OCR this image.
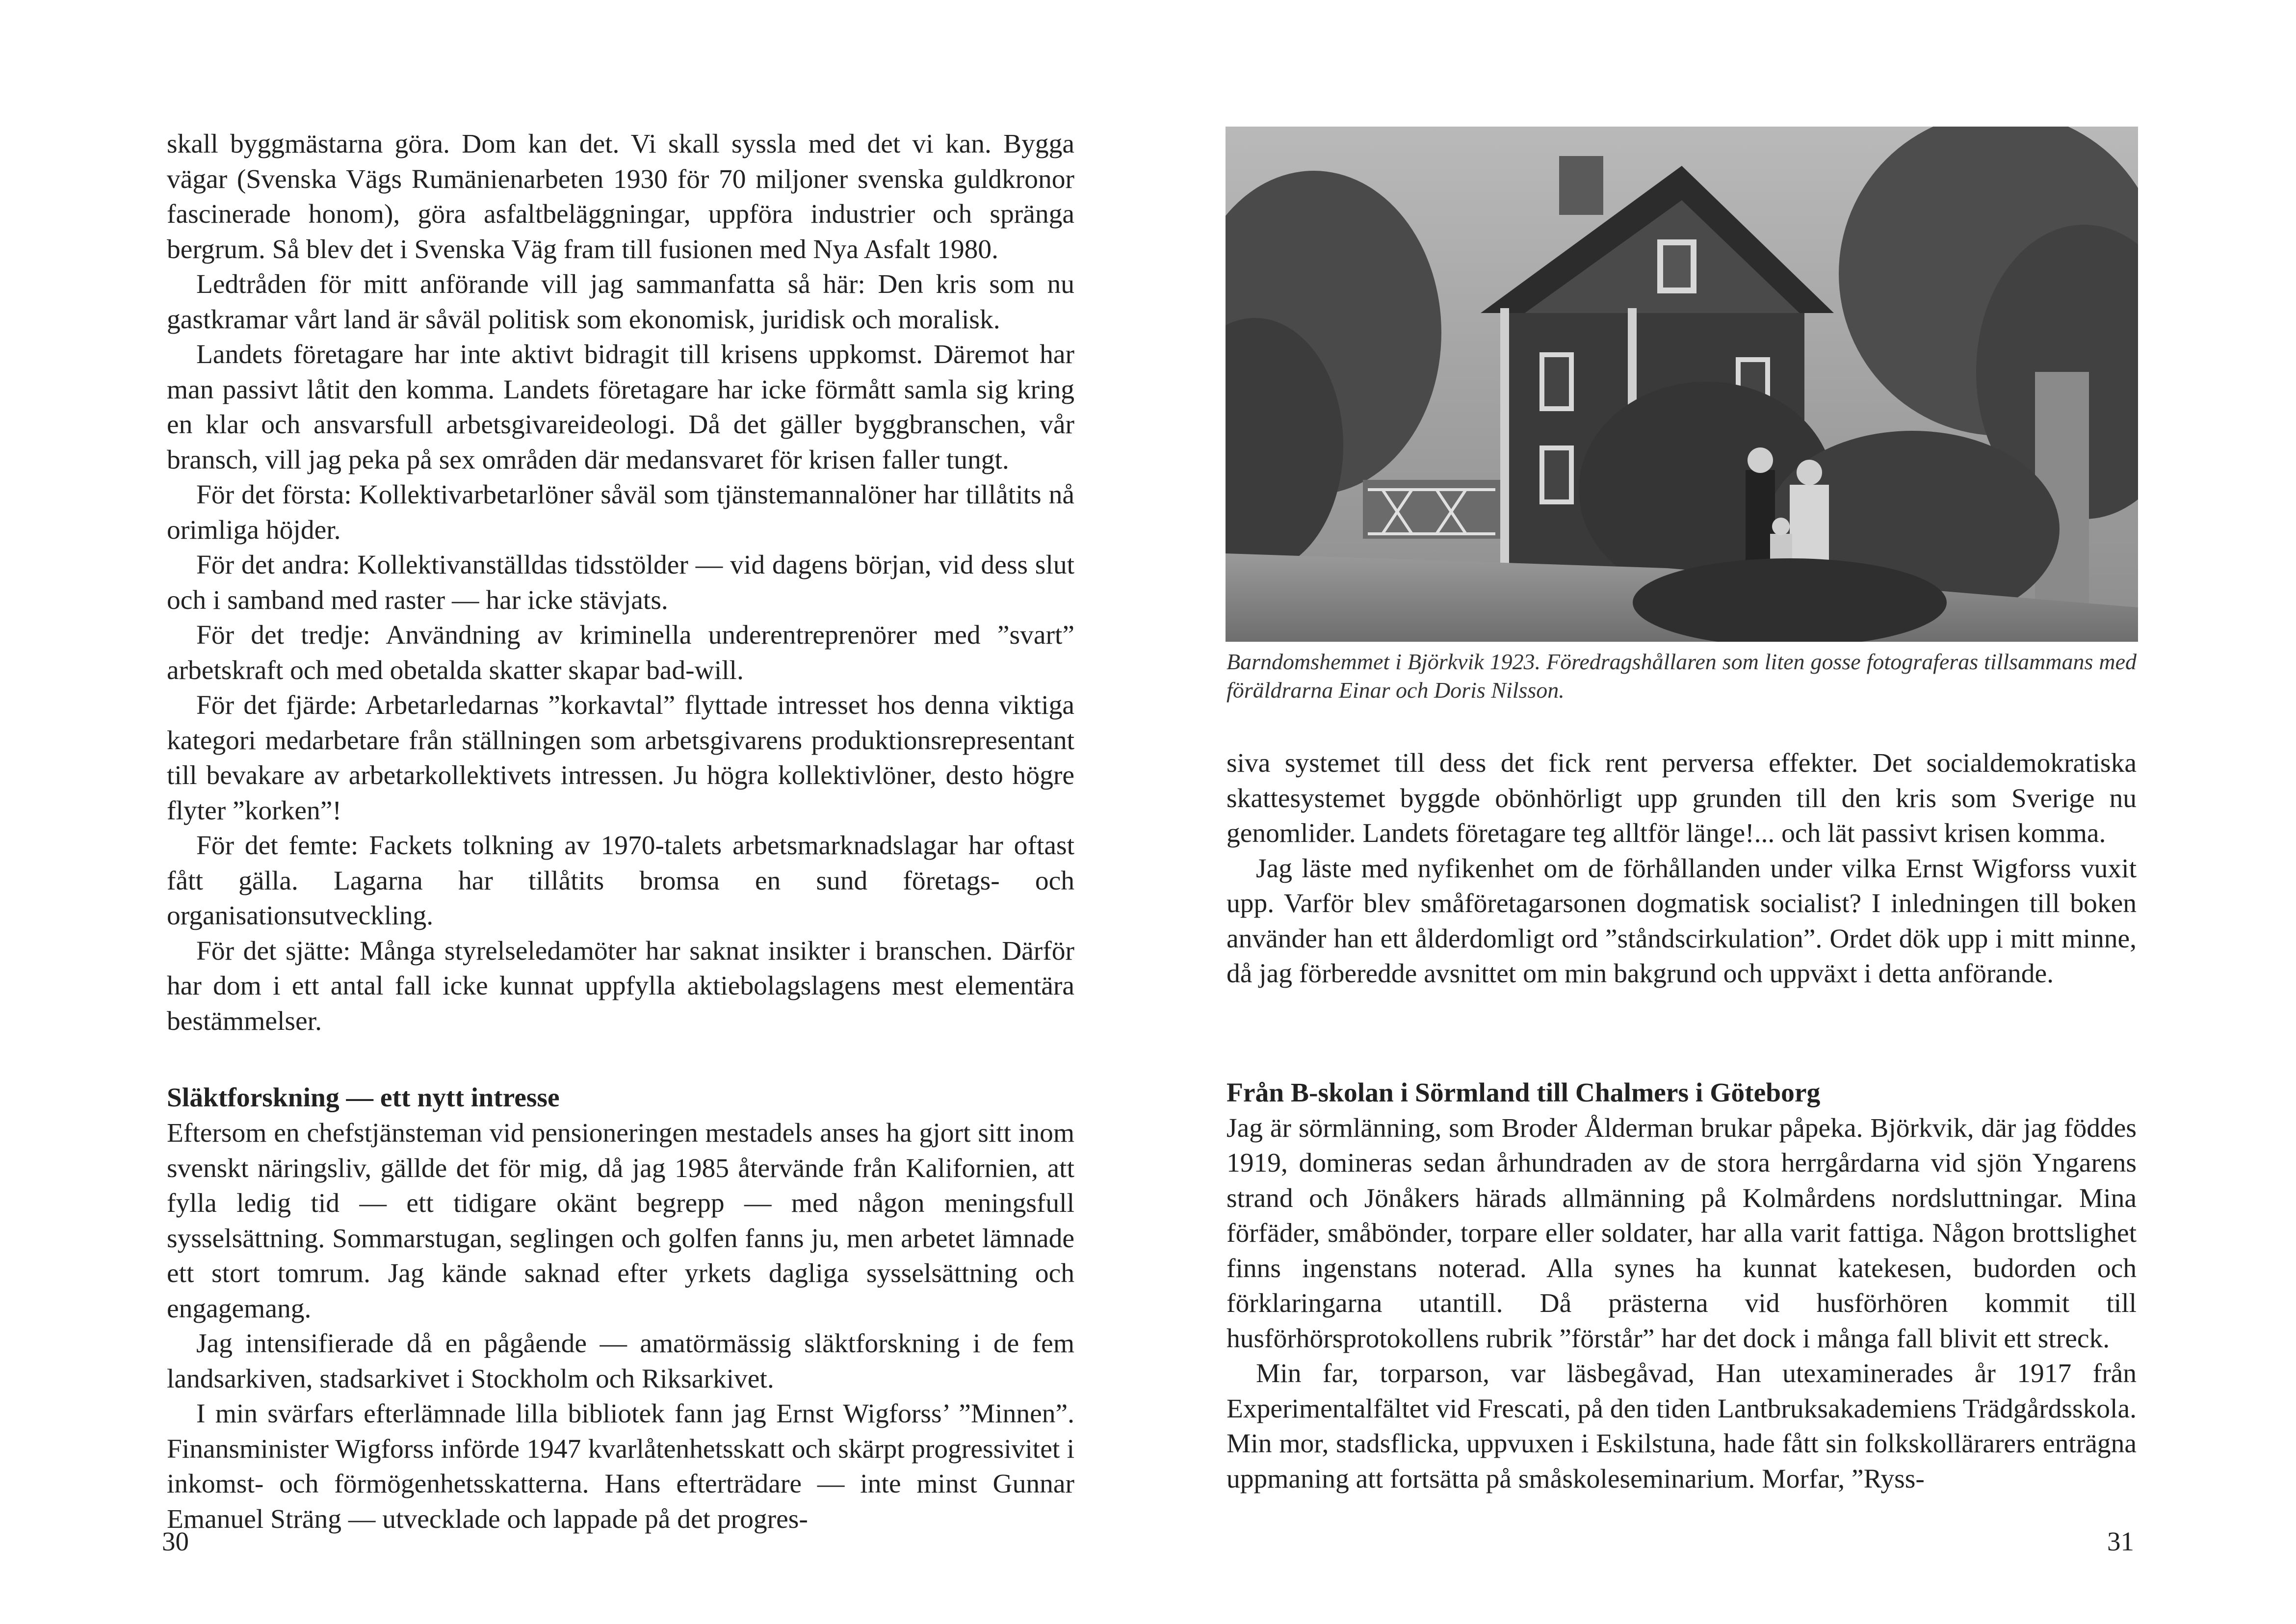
skall byggmästarna göra. Dom kan det. Vi skall syssla med det vi kan. Bygga vägar (Svenska Vägs Rumänienarbeten 1930 för 70 miljoner svenska guldkronor fascinerade honom), göra asfaltbeläggningar, uppföra industrier och spränga bergrum. Så blev det i Svenska Väg fram till fusionen med Nya Asfalt 1980.

Ledtråden för mitt anförande vill jag sammanfatta så här: Den kris som nu gastkramar vårt land är såväl politisk som ekonomisk, juridisk och moralisk.

Landets företagare har inte aktivt bidragit till krisens uppkomst. Däremot har man passivt låtit den komma. Landets företagare har icke förmått samla sig kring en klar och ansvarsfull arbetsgivareideologi. Då det gäller byggbranschen, vår bransch, vill jag peka på sex områden där medansvaret för krisen faller tungt.

För det första: Kollektivarbetarlöner såväl som tjänstemannalöner har tillåtits nå orimliga höjder.

För det andra: Kollektivanställdas tidsstölder — vid dagens början, vid dess slut och i samband med raster — har icke stävjats.

För det tredje: Användning av kriminella underentreprenörer med ”svart” arbetskraft och med obetalda skatter skapar bad-will.

För det fjärde: Arbetarledarnas ”korkavtal” flyttade intresset hos denna viktiga kategori medarbetare från ställningen som arbetsgivarens produktionsrepresentant till bevakare av arbetarkollektivets intressen. Ju högra kollektivlöner, desto högre flyter ”korken”!

För det femte: Fackets tolkning av 1970-talets arbetsmarknadslagar har oftast fått gälla. Lagarna har tillåtits bromsa en sund företags- och organisationsutveckling.

För det sjätte: Många styrelseledamöter har saknat insikter i branschen. Därför har dom i ett antal fall icke kunnat uppfylla aktiebolagslagens mest elementära bestämmelser.

Släktforskning — ett nytt intresse

Eftersom en chefstjänsteman vid pensioneringen mestadels anses ha gjort sitt inom svenskt näringsliv, gällde det för mig, då jag 1985 återvände från Kalifornien, att fylla ledig tid — ett tidigare okänt begrepp — med någon meningsfull sysselsättning. Sommarstugan, seglingen och golfen fanns ju, men arbetet lämnade ett stort tomrum. Jag kände saknad efter yrkets dagliga sysselsättning och engagemang.

Jag intensifierade då en pågående — amatörmässig släktforskning i de fem landsarkiven, stadsarkivet i Stockholm och Riksarkivet.

I min svärfars efterlämnade lilla bibliotek fann jag Ernst Wigforss’ ”Minnen”. Finansminister Wigforss införde 1947 kvarlåtenhetsskatt och skärpt progressivitet i inkomst- och förmögenhetsskatterna. Hans efterträdare — inte minst Gunnar Emanuel Sträng — utvecklade och lappade på det progres-

30
Barndomshemmet i Björkvik 1923. Föredragshållaren som liten gosse fotograferas tillsammans med föräldrarna Einar och Doris Nilsson.

siva systemet till dess det fick rent perversa effekter. Det socialdemokratiska skattesystemet byggde obönhörligt upp grunden till den kris som Sverige nu genomlider. Landets företagare teg alltför länge!... och lät passivt krisen komma.

Jag läste med nyfikenhet om de förhållanden under vilka Ernst Wigforss vuxit upp. Varför blev småföretagarsonen dogmatisk socialist? I inledningen till boken använder han ett ålderdomligt ord ”ståndscirkulation”. Ordet dök upp i mitt minne, då jag förberedde avsnittet om min bakgrund och uppväxt i detta anförande.

Från B-skolan i Sörmland till Chalmers i Göteborg

Jag är sörmlänning, som Broder Ålderman brukar påpeka. Björkvik, där jag föddes 1919, domineras sedan århundraden av de stora herrgårdarna vid sjön Yngarens strand och Jönåkers härads allmänning på Kolmårdens nordsluttningar. Mina förfäder, småbönder, torpare eller soldater, har alla varit fattiga. Någon brottslighet finns ingenstans noterad. Alla synes ha kunnat katekesen, budorden och förklaringarna utantill. Då prästerna vid husförhören kommit till husförhörsprotokollens rubrik ”förstår” har det dock i många fall blivit ett streck.

Min far, torparson, var läsbegåvad, Han utexaminerades år 1917 från Experimentalfältet vid Frescati, på den tiden Lantbruksakademiens Trädgårdsskola. Min mor, stadsflicka, uppvuxen i Eskilstuna, hade fått sin folkskollärarers enträgna uppmaning att fortsätta på småskoleseminarium. Morfar, ”Ryss-

31
